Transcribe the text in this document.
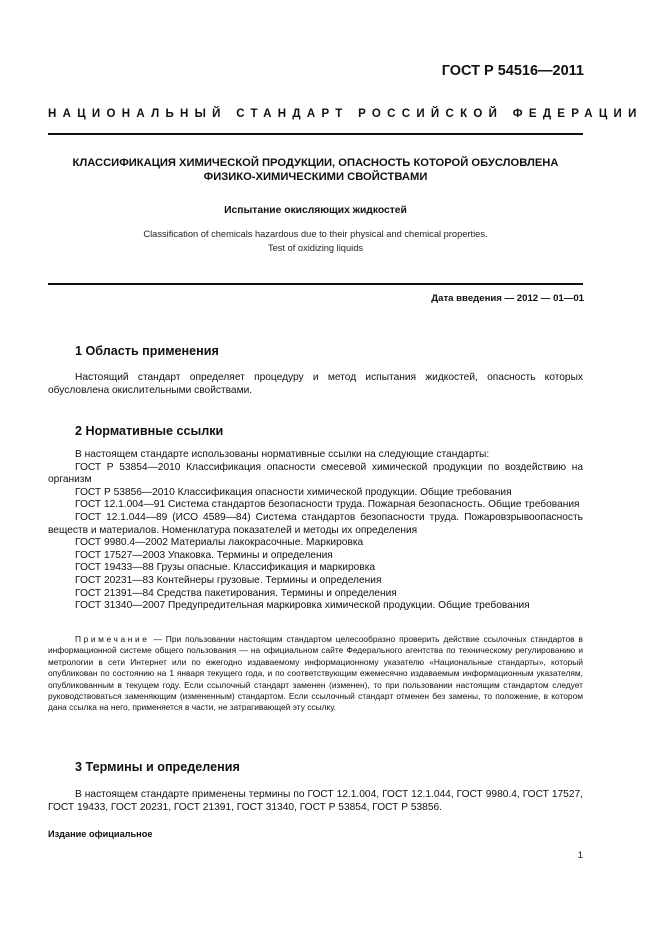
ГОСТ Р 54516—2011
НАЦИОНАЛЬНЫЙ СТАНДАРТ РОССИЙСКОЙ ФЕДЕРАЦИИ
КЛАССИФИКАЦИЯ ХИМИЧЕСКОЙ ПРОДУКЦИИ, ОПАСНОСТЬ КОТОРОЙ ОБУСЛОВЛЕНА
ФИЗИКО-ХИМИЧЕСКИМИ СВОЙСТВАМИ
Испытание окисляющих жидкостей
Classification of chemicals hazardous due to their physical and chemical properties.
Test of oxidizing liquids
Дата введения — 2012 — 01—01
1 Область применения

Настоящий стандарт определяет процедуру и метод испытания жидкостей, опасность которых обусловлена окислительными свойствами.

2 Нормативные ссылки
В настоящем стандарте использованы нормативные ссылки на следующие стандарты:
ГОСТ Р 53854—2010 Классификация опасности смесевой химической продукции по воздействию на организм
ГОСТ Р 53856—2010 Классификация опасности химической продукции. Общие требования
ГОСТ 12.1.004—91 Система стандартов безопасности труда. Пожарная безопасность. Общие требования
ГОСТ 12.1.044—89 (ИСО 4589—84) Система стандартов безопасности труда. Пожаровзрывоопасность веществ и материалов. Номенклатура показателей и методы их определения
ГОСТ 9980.4—2002 Материалы лакокрасочные. Маркировка
ГОСТ 17527—2003 Упаковка. Термины и определения
ГОСТ 19433—88 Грузы опасные. Классификация и маркировка
ГОСТ 20231—83 Контейнеры грузовые. Термины и определения
ГОСТ 21391—84 Средства пакетирования. Термины и определения
ГОСТ 31340—2007 Предупредительная маркировка химической продукции. Общие требования
Примечание — При пользовании настоящим стандартом целесообразно проверить действие ссылочных стандартов в информационной системе общего пользования — на официальном сайте Федерального агентства по техническому регулированию и метрологии в сети Интернет или по ежегодно издаваемому информационному указателю «Национальные стандарты», который опубликован по состоянию на 1 января текущего года, и по соответствующим ежемесячно издаваемым информационным указателям, опубликованным в текущем году. Если ссылочный стандарт заменен (изменен), то при пользовании настоящим стандартом следует руководствоваться заменяющим (измененным) стандартом. Если ссылочный стандарт отменен без замены, то положение, в котором дана ссылка на него, применяется в части, не затрагивающей эту ссылку.
3 Термины и определения

В настоящем стандарте применены термины по ГОСТ 12.1.004, ГОСТ 12.1.044, ГОСТ 9980.4, ГОСТ 17527, ГОСТ 19433, ГОСТ 20231, ГОСТ 21391, ГОСТ 31340, ГОСТ Р 53854, ГОСТ Р 53856.

Издание официальное
1
